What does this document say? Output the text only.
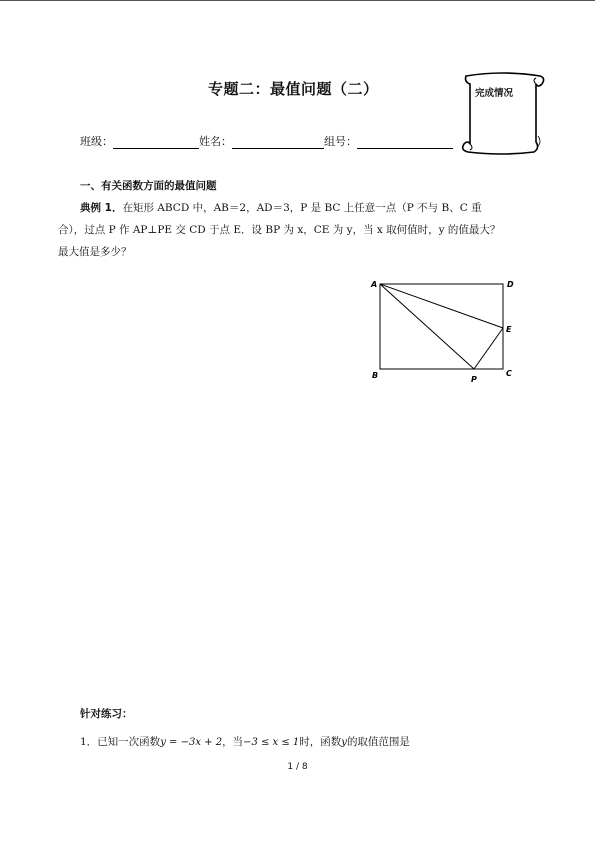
专题二：最值问题（二）	完成情况
班级：	姓名：	组号：
一、有关函数方面的最值问题
典例 1．在矩形 ABCD 中，AB＝2，AD＝3，P 是 BC 上任意一点（P 不与 B、C 重
合），过点 P 作 AP⊥PE 交 CD 于点 E．设 BP 为 x，CE 为 y，当 x 取何值时，y 的值最大？
最大值是多少？
A	D
E
B	P
C
针对练习：
1．已知一次函数y = −3x + 2，当−3 ≤ x ≤ 1时，函数y的取值范围是
1 / 8
